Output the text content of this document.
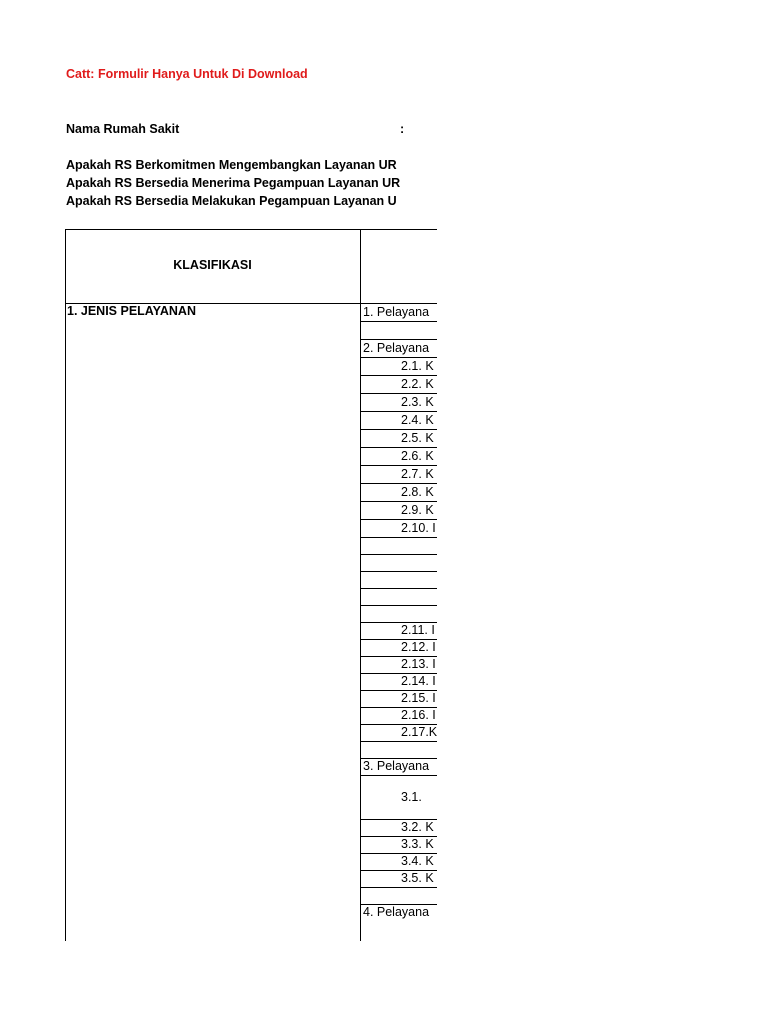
Catt: Formulir Hanya Untuk Di Download
Nama Rumah Sakit	:
Apakah RS Berkomitmen Mengembangkan Layanan UR
Apakah RS Bersedia Menerima Pegampuan Layanan UR
Apakah RS Bersedia Melakukan Pegampuan Layanan U
KLASIFIKASI
1. JENIS PELAYANAN	1. Pelayana
2. Pelayana
2.1. K
2.2. K
2.3. K
2.4. K
2.5. K
2.6. K
2.7. K
2.8. K
2.9. K
2.10. I
2.11. I
2.12. I
2.13. I
2.14. I
2.15. I
2.16. I
2.17.K
3. Pelayana
3.1.
3.2. K
3.3. K
3.4. K
3.5. K
4. Pelayana
